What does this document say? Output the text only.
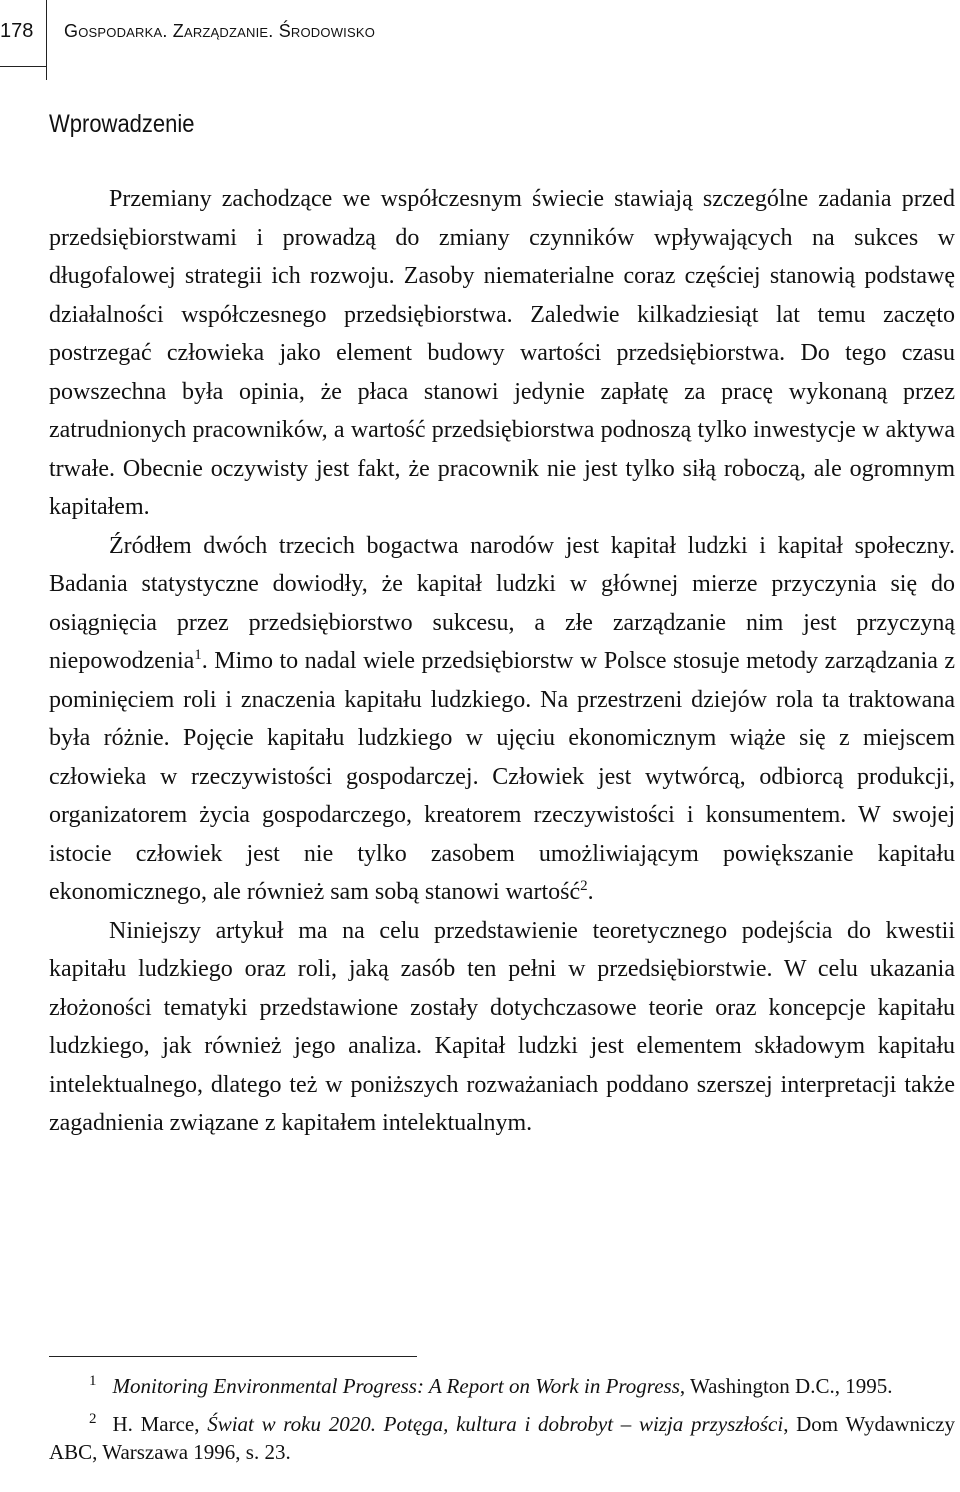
178 Gospodarka. Zarządzanie. Środowisko
Wprowadzenie

Przemiany zachodzące we współczesnym świecie stawiają szczególne zadania przed przedsiębiorstwami i prowadzą do zmiany czynników wpływających na sukces w długofalowej strategii ich rozwoju. Zasoby niematerialne coraz częściej stanowią podstawę działalności współczesnego przedsiębiorstwa. Zaledwie kilkadziesiąt lat temu zaczęto postrzegać człowieka jako element budowy wartości przedsiębiorstwa. Do tego czasu powszechna była opinia, że płaca stanowi jedynie zapłatę za pracę wykonaną przez zatrudnionych pracowników, a wartość przedsiębiorstwa podnoszą tylko inwestycje w aktywa trwałe. Obecnie oczywisty jest fakt, że pracownik nie jest tylko siłą roboczą, ale ogromnym kapitałem.

Źródłem dwóch trzecich bogactwa narodów jest kapitał ludzki i kapitał społeczny. Badania statystyczne dowiodły, że kapitał ludzki w głównej mierze przyczynia się do osiągnięcia przez przedsiębiorstwo sukcesu, a złe zarządzanie nim jest przyczyną niepowodzenia$^1$. Mimo to nadal wiele przedsiębiorstw w Polsce stosuje metody zarządzania z pominięciem roli i znaczenia kapitału ludzkiego. Na przestrzeni dziejów rola ta traktowana była różnie. Pojęcie kapitału ludzkiego w ujęciu ekonomicznym wiąże się z miejscem człowieka w rzeczywistości gospodarczej. Człowiek jest wytwórcą, odbiorcą produkcji, organizatorem życia gospodarczego, kreatorem rzeczywistości i konsumentem. W swojej istocie człowiek jest nie tylko zasobem umożliwiającym powiększanie kapitału ekonomicznego, ale również sam sobą stanowi wartość$^2$.

Niniejszy artykuł ma na celu przedstawienie teoretycznego podejścia do kwestii kapitału ludzkiego oraz roli, jaką zasób ten pełni w przedsiębiorstwie. W celu ukazania złożoności tematyki przedstawione zostały dotychczasowe teorie oraz koncepcje kapitału ludzkiego, jak również jego analiza. Kapitał ludzki jest elementem składowym kapitału intelektualnego, dlatego też w poniższych rozważaniach poddano szerszej interpretacji także zagadnienia związane z kapitałem intelektualnym.

$^1$ Monitoring Environmental Progress: A Report on Work in Progress, Washington D.C., 1995.

$^2$ H. Marce, Świat w roku 2020. Potęga, kultura i dobrobyt – wizja przyszłości, Dom Wydawniczy ABC, Warszawa 1996, s. 23.
